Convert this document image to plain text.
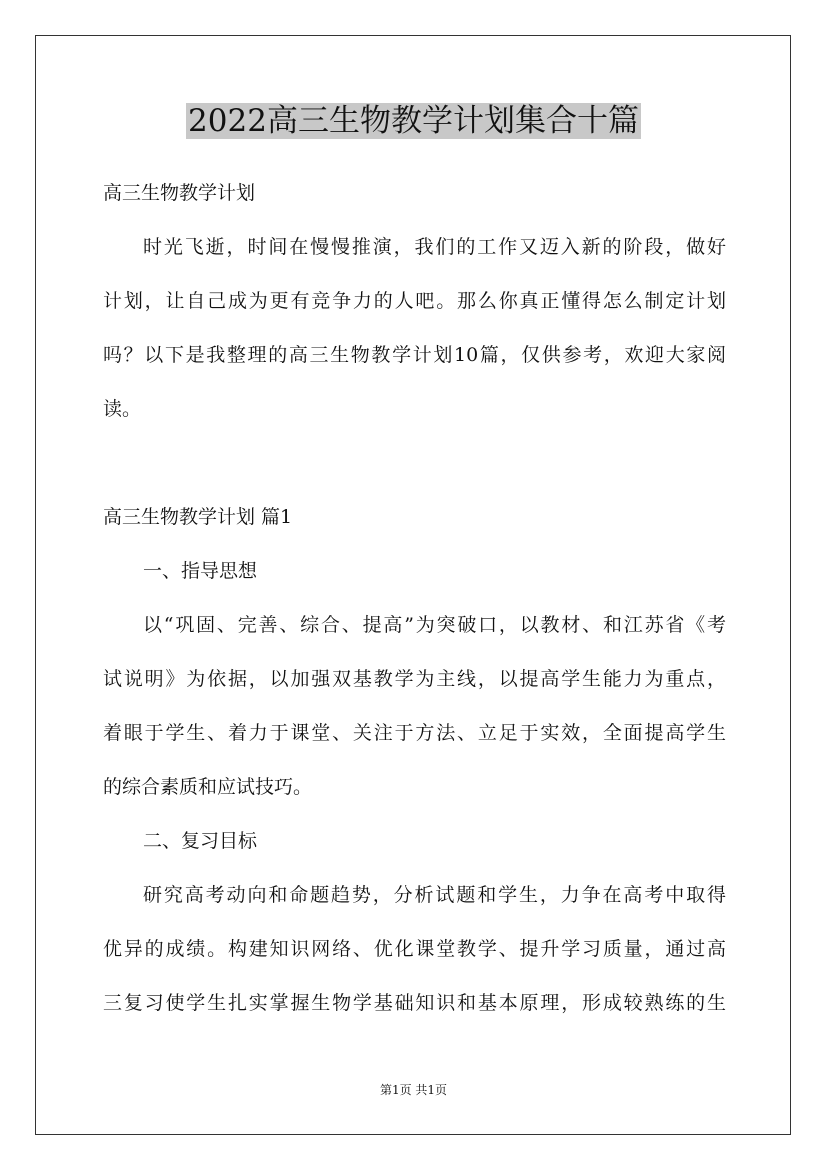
2022高三生物教学计划集合十篇
高三生物教学计划
时光飞逝，时间在慢慢推演，我们的工作又迈入新的阶段，做好
计划，让自己成为更有竞争力的人吧。那么你真正懂得怎么制定计划
吗？以下是我整理的高三生物教学计划10篇，仅供参考，欢迎大家阅
读。
高三生物教学计划 篇1
一、指导思想
以“巩固、完善、综合、提高”为突破口，以教材、和江苏省《考
试说明》为依据，以加强双基教学为主线，以提高学生能力为重点，
着眼于学生、着力于课堂、关注于方法、立足于实效，全面提高学生
的综合素质和应试技巧。
二、复习目标
研究高考动向和命题趋势，分析试题和学生，力争在高考中取得
优异的成绩。构建知识网络、优化课堂教学、提升学习质量，通过高
三复习使学生扎实掌握生物学基础知识和基本原理，形成较熟练的生
第1页 共1页
